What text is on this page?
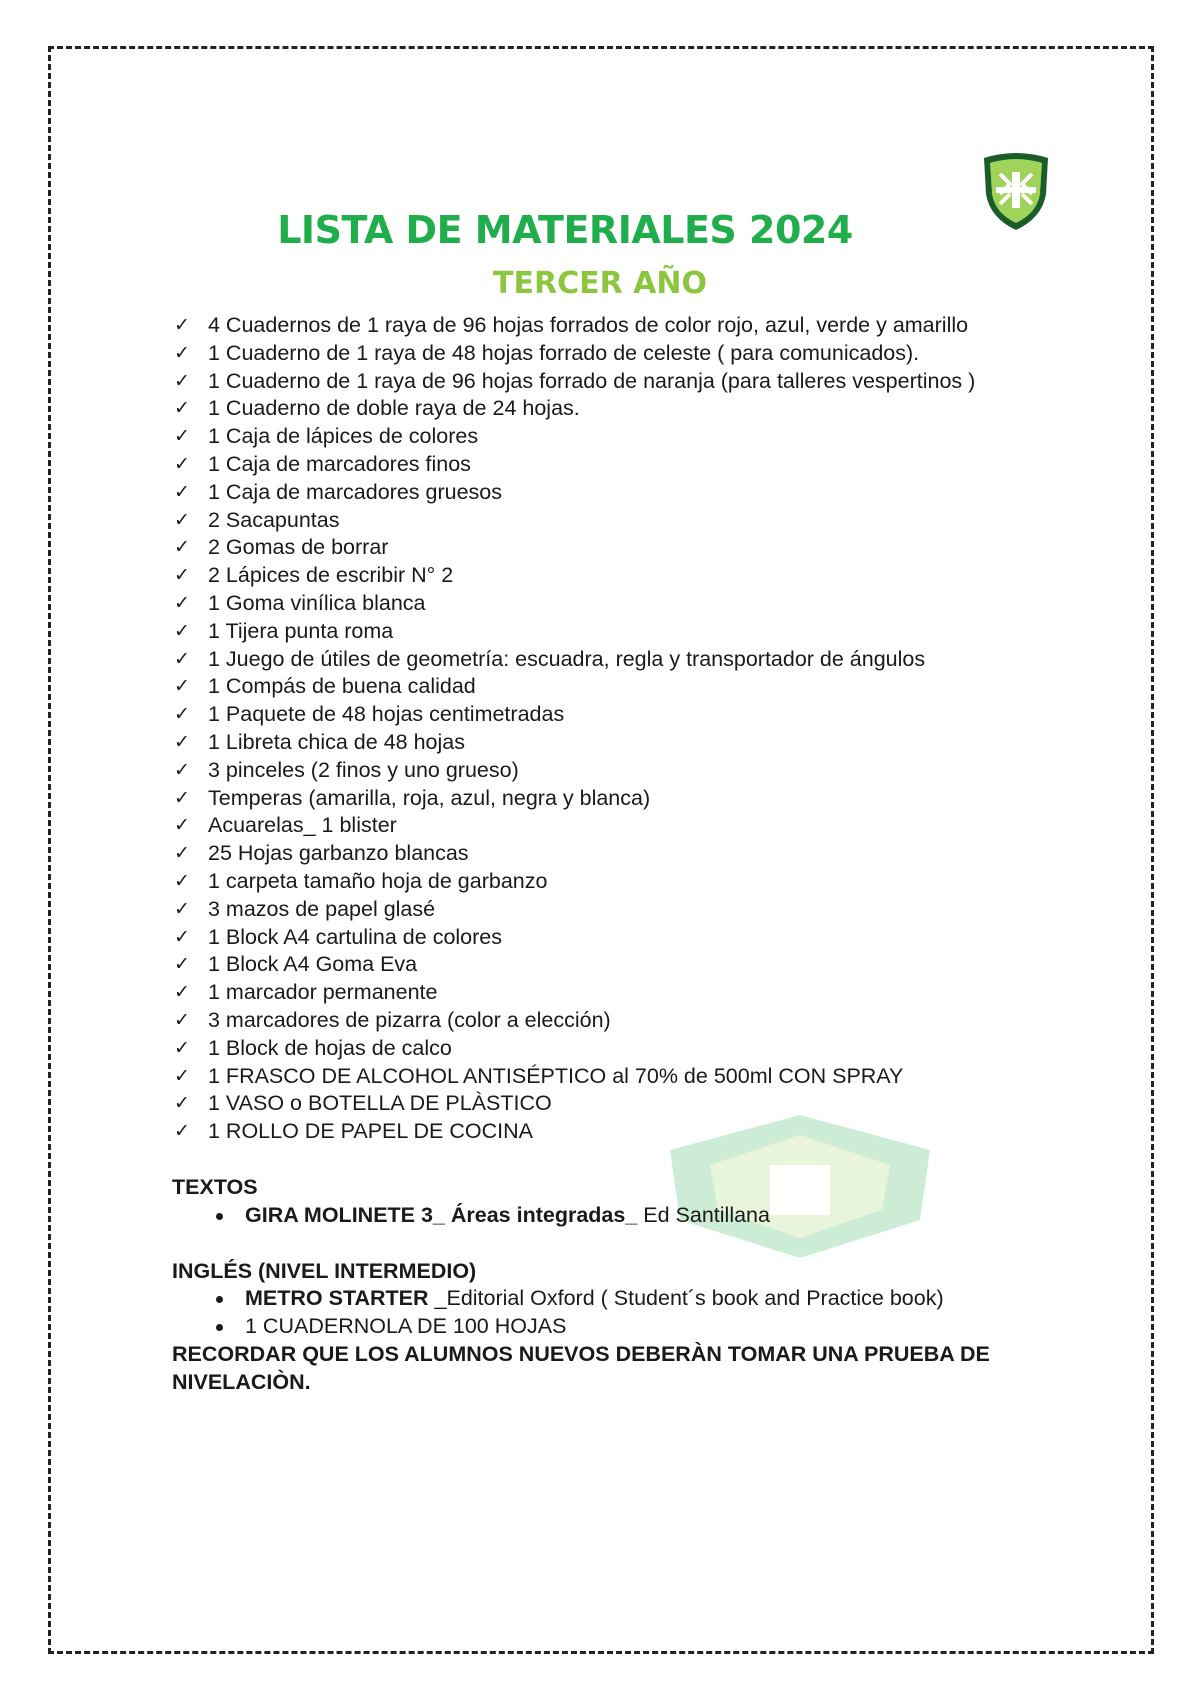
LISTA DE MATERIALES 2024
TERCER AÑO
✓ 4 Cuadernos de 1 raya de 96 hojas forrados de color rojo, azul, verde y amarillo
✓ 1 Cuaderno de 1 raya de 48 hojas forrado de celeste ( para comunicados).
✓ 1 Cuaderno de 1 raya de 96 hojas forrado de naranja (para talleres vespertinos )
✓ 1 Cuaderno de doble raya de 24 hojas.
✓ 1 Caja de lápices de colores
✓ 1 Caja de marcadores finos
✓ 1 Caja de marcadores gruesos
✓ 2 Sacapuntas
✓ 2 Gomas de borrar
✓ 2 Lápices de escribir N° 2
✓ 1 Goma vinílica blanca
✓ 1 Tijera punta roma
✓ 1 Juego de útiles de geometría: escuadra, regla y transportador de ángulos
✓ 1 Compás de buena calidad
✓ 1 Paquete de 48 hojas centimetradas
✓ 1 Libreta chica de 48 hojas
✓ 3 pinceles (2 finos y uno grueso)
✓ Temperas (amarilla, roja, azul, negra y blanca)
✓ Acuarelas_ 1 blister
✓ 25 Hojas garbanzo blancas
✓ 1 carpeta tamaño hoja de garbanzo
✓ 3 mazos de papel glasé
✓ 1 Block A4 cartulina de colores
✓ 1 Block A4 Goma Eva
✓ 1 marcador permanente
✓ 3 marcadores de pizarra (color a elección)
✓ 1 Block de hojas de calco
✓ 1 FRASCO DE ALCOHOL ANTISÉPTICO al 70% de 500ml CON SPRAY
✓ 1 VASO o BOTELLA DE PLÀSTICO
✓ 1 ROLLO DE PAPEL DE COCINA
TEXTOS
GIRA MOLINETE 3_ Áreas integradas_ Ed Santillana
INGLÉS (NIVEL INTERMEDIO)
METRO STARTER _Editorial Oxford ( Student´s book and Practice book)
1 CUADERNOLA DE 100 HOJAS
RECORDAR QUE LOS ALUMNOS NUEVOS DEBERÀN TOMAR UNA PRUEBA DE NIVELACIÒN.
